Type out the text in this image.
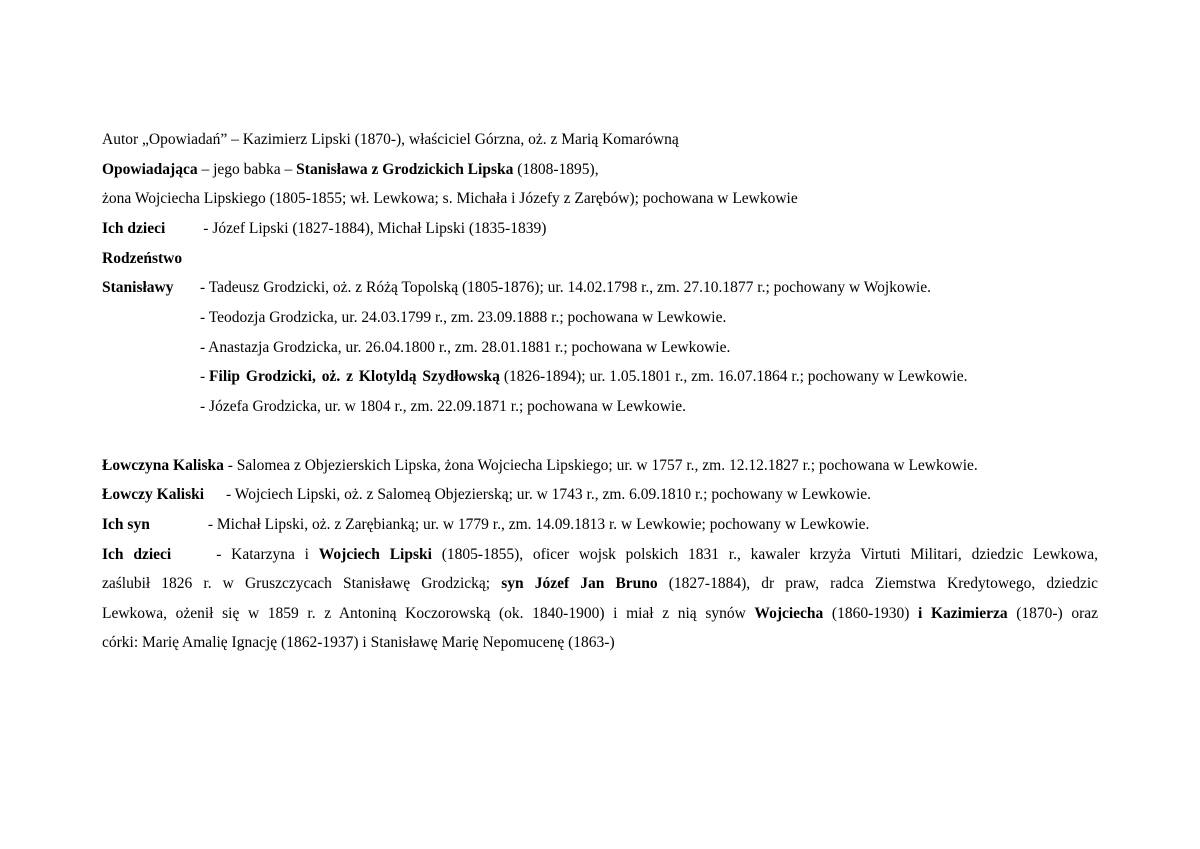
Autor „Opowiadań” – Kazimierz Lipski (1870-), właściciel Górzna, oż. z Marią Komarówną
Opowiadająca – jego babka – Stanisława z Grodzickich Lipska (1808-1895),
żona Wojciecha Lipskiego (1805-1855; wł. Lewkowa; s. Michała i Józefy z Zarębów); pochowana w Lewkowie
Ich dzieci - Józef Lipski (1827-1884), Michał Lipski (1835-1839)
Rodzeństwo
Stanisławy - Tadeusz Grodzicki, oż. z Różą Topolską (1805-1876); ur. 14.02.1798 r., zm. 27.10.1877 r.; pochowany w Wojkowie.
- Teodozja Grodzicka, ur. 24.03.1799 r., zm. 23.09.1888 r.; pochowana w Lewkowie.
- Anastazja Grodzicka, ur. 26.04.1800 r., zm. 28.01.1881 r.; pochowana w Lewkowie.
- Filip Grodzicki, oż. z Klotyldą Szydłowską (1826-1894); ur. 1.05.1801 r., zm. 16.07.1864 r.; pochowany w Lewkowie.
- Józefa Grodzicka, ur. w 1804 r., zm. 22.09.1871 r.; pochowana w Lewkowie.
Łowczyna Kaliska - Salomea z Objezierskich Lipska, żona Wojciecha Lipskiego; ur. w 1757 r., zm. 12.12.1827 r.; pochowana w Lewkowie.
Łowczy Kaliski - Wojciech Lipski, oż. z Salomeą Objezierską; ur. w 1743 r., zm. 6.09.1810 r.; pochowany w Lewkowie.
Ich syn	- Michał Lipski, oż. z Zarębianką; ur. w 1779 r., zm. 14.09.1813 r. w Lewkowie; pochowany w Lewkowie.
Ich dzieci	- Katarzyna i Wojciech Lipski (1805-1855), oficer wojsk polskich 1831 r., kawaler krzyża Virtuti Militari, dziedzic Lewkowa,
zaślubił 1826 r. w Gruszczycach Stanisławę Grodzicką; syn Józef Jan Bruno (1827-1884), dr praw, radca Ziemstwa Kredytowego, dziedzic
Lewkowa, ożenił się w 1859 r. z Antoniną Koczorowską (ok. 1840-1900) i miał z nią synów Wojciecha (1860-1930) i Kazimierza (1870-) oraz
córki: Marię Amalię Ignację (1862-1937) i Stanisławę Marię Nepomucenę (1863-)
